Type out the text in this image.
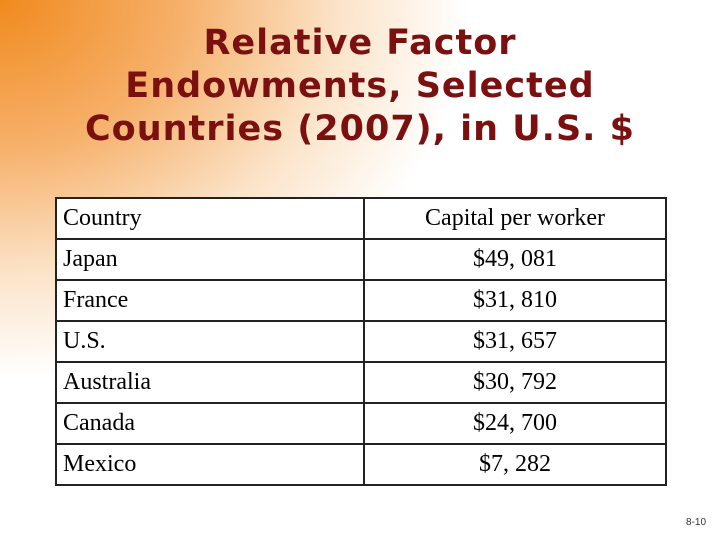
Relative Factor
Endowments, Selected
Countries (2007), in U.S. $
Country	Capital per worker
Japan	$49, 081
France	$31, 810
U.S.	$31, 657
Australia	$30, 792
Canada	$24, 700
Mexico	$7, 282
8-10
